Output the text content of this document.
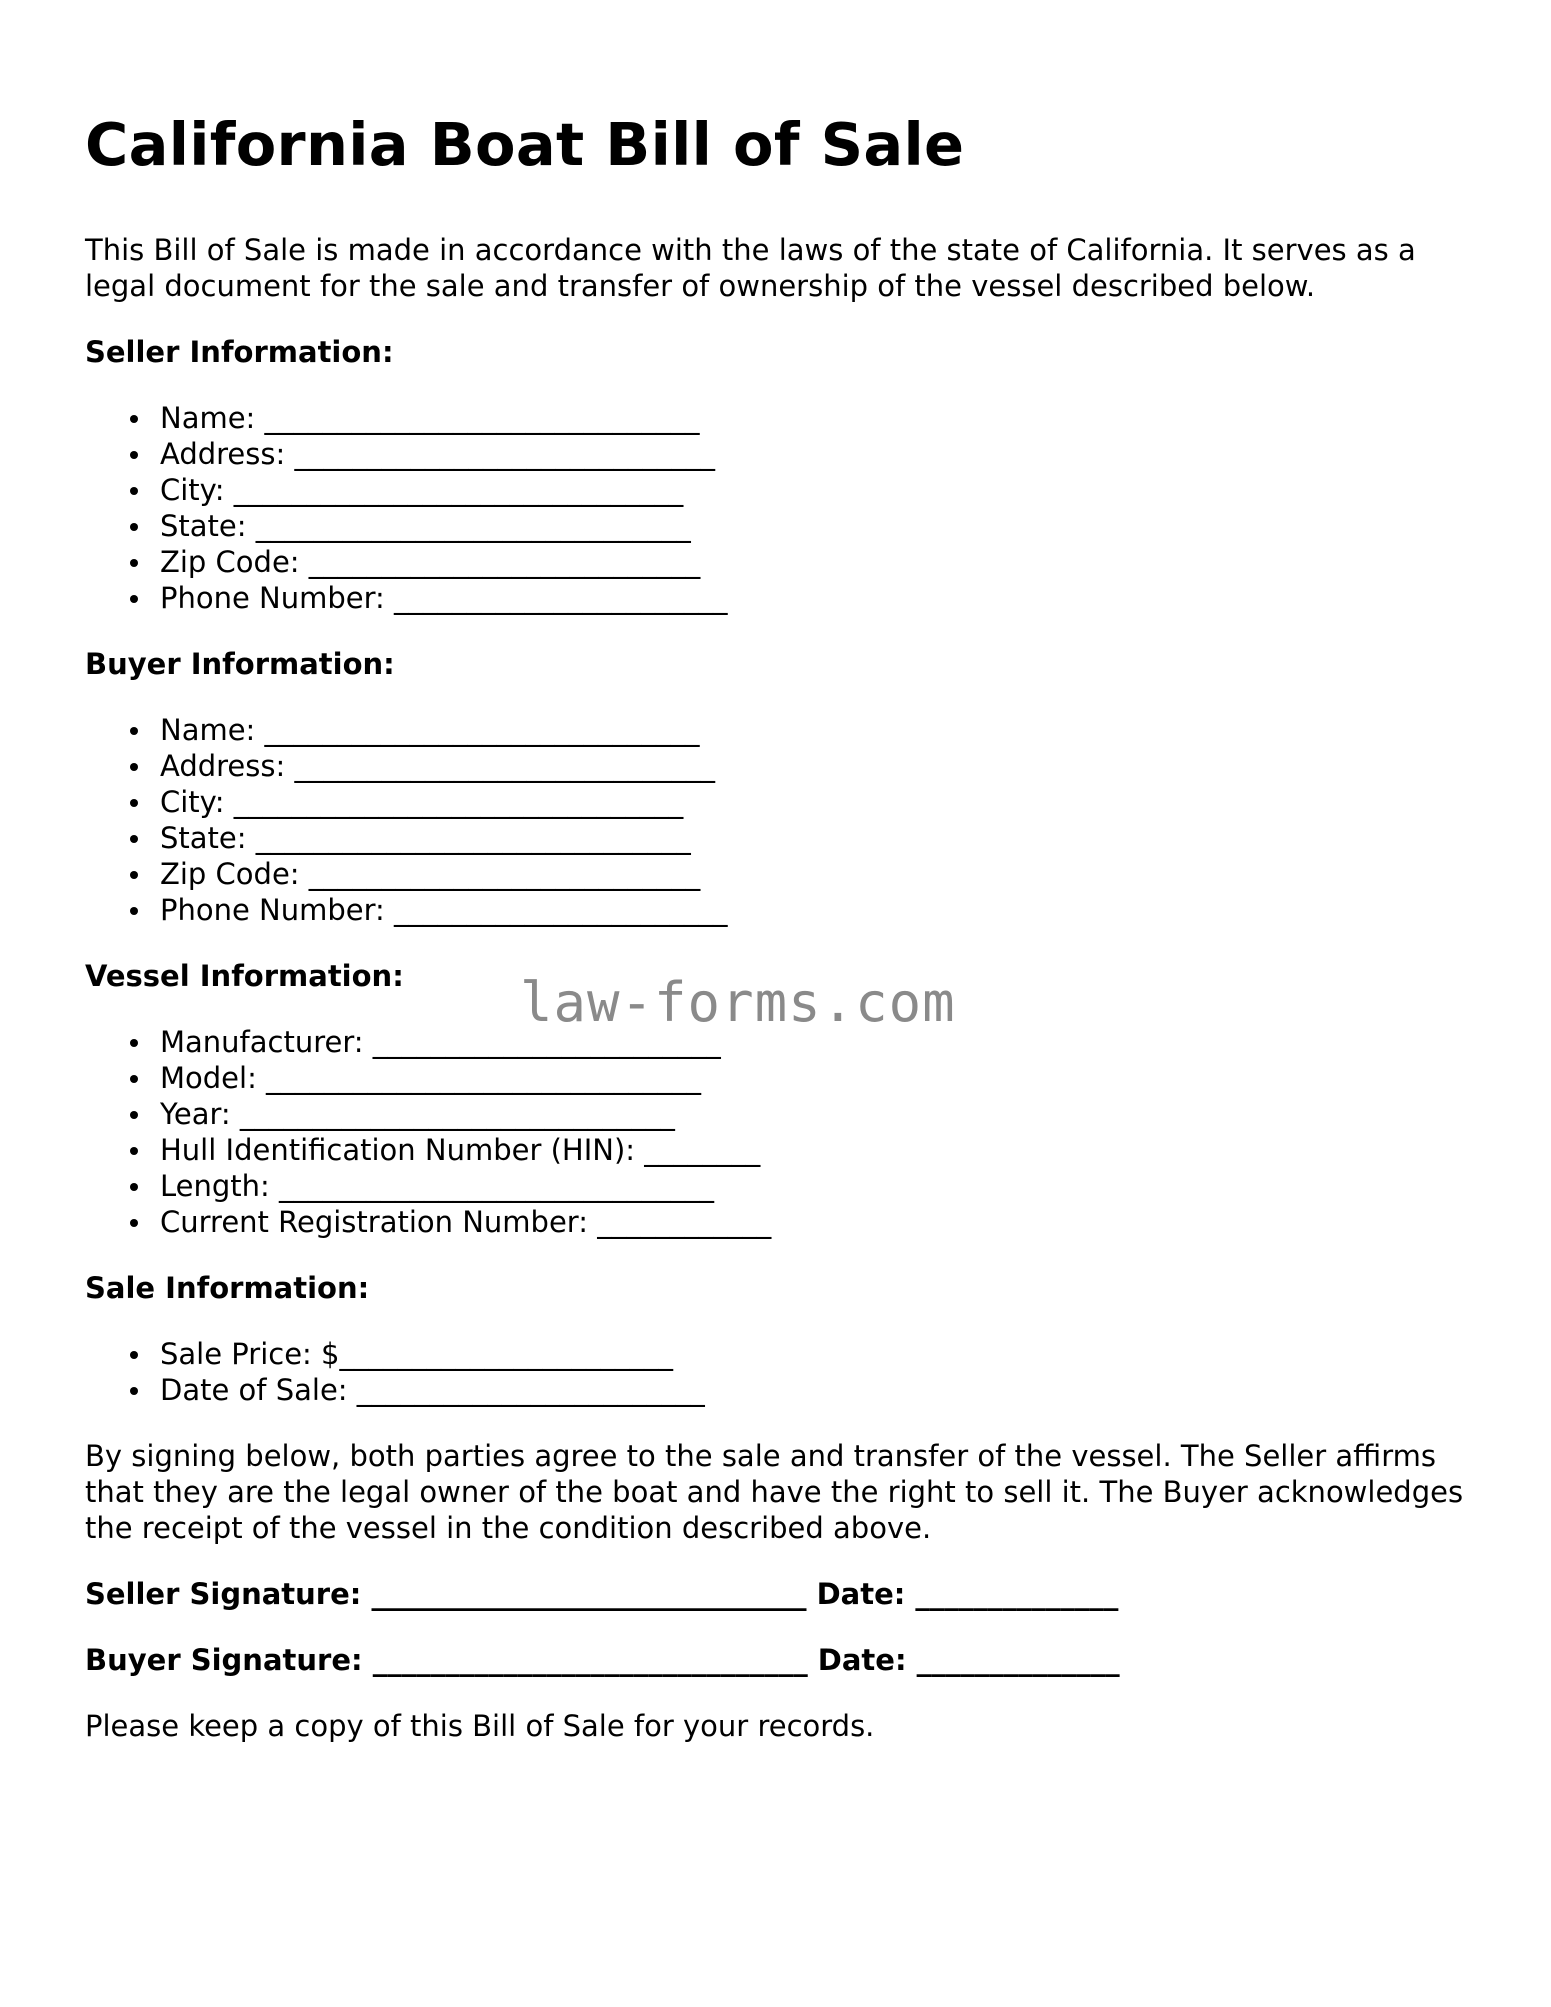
California Boat Bill of Sale

This Bill of Sale is made in accordance with the laws of the state of California. It serves as a legal document for the sale and transfer of ownership of the vessel described below.

Seller Information:
Name: ______________________________
Address: _____________________________
City: _______________________________
State: ______________________________
Zip Code: ___________________________
Phone Number: _______________________
Buyer Information:
Name: ______________________________
Address: _____________________________
City: _______________________________
State: ______________________________
Zip Code: ___________________________
Phone Number: _______________________
Vessel Information:
Manufacturer: ________________________
Model: ______________________________
Year: ______________________________
Hull Identification Number (HIN): ________
Length: ______________________________
Current Registration Number: ____________
Sale Information:
Sale Price: $_______________________
Date of Sale: ________________________

By signing below, both parties agree to the sale and transfer of the vessel. The Seller affirms that they are the legal owner of the boat and have the right to sell it. The Buyer acknowledges the receipt of the vessel in the condition described above.

Seller Signature: ______________________________ Date: ______________
Buyer Signature: ______________________________ Date: ______________

Please keep a copy of this Bill of Sale for your records.

law-forms.com
